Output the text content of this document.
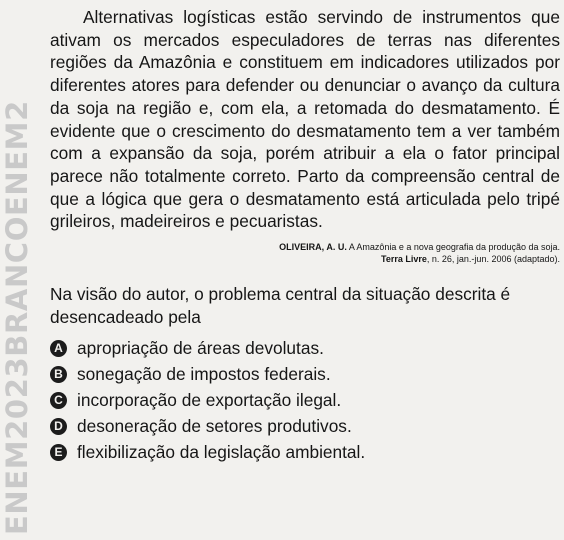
ENEM2023BRANCOENEM2

Alternativas logísticas estão servindo de instrumentos que ativam os mercados especuladores de terras nas diferentes regiões da Amazônia e constituem em indicadores utilizados por diferentes atores para defender ou denunciar o avanço da cultura da soja na região e, com ela, a retomada do desmatamento. É evidente que o crescimento do desmatamento tem a ver também com a expansão da soja, porém atribuir a ela o fator principal parece não totalmente correto. Parto da compreensão central de que a lógica que gera o desmatamento está articulada pelo tripé grileiros, madeireiros e pecuaristas.

OLIVEIRA, A. U. A Amazônia e a nova geografia da produção da soja.
Terra Livre, n. 26, jan.-jun. 2006 (adaptado).

Na visão do autor, o problema central da situação descrita é desencadeado pela

A apropriação de áreas devolutas.
B sonegação de impostos federais.
C incorporação de exportação ilegal.
D desoneração de setores produtivos.
E flexibilização da legislação ambiental.
